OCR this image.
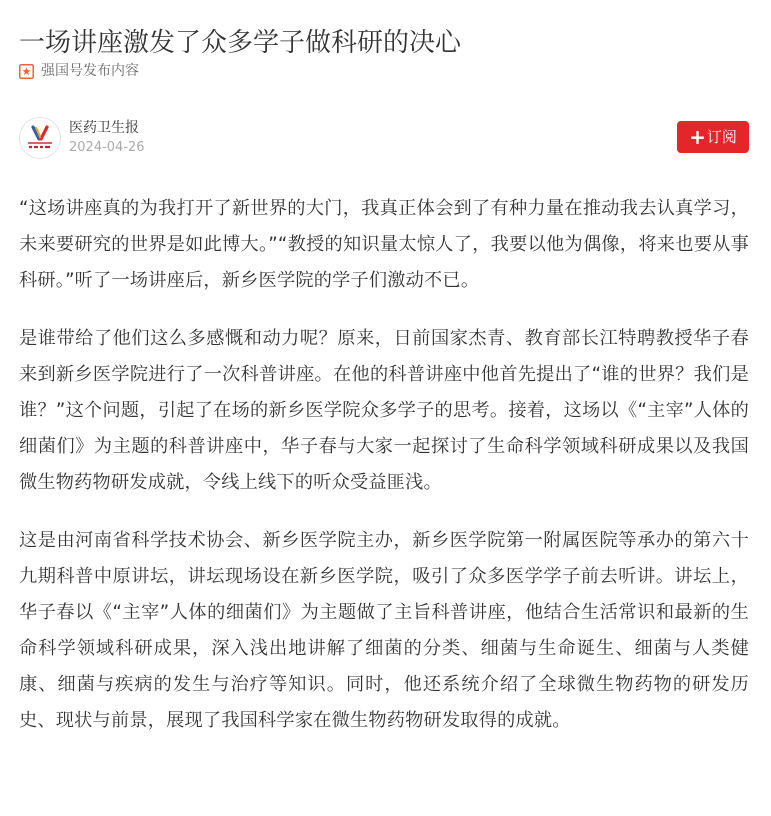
一场讲座激发了众多学子做科研的决心
强国号发布内容
医药卫生报
2024-04-26	+ 订阅

“这场讲座真的为我打开了新世界的大门，我真正体会到了有种力量在推动我去认真学习，未来要研究的世界是如此博大。”“教授的知识量太惊人了，我要以他为偶像，将来也要从事科研。”听了一场讲座后，新乡医学院的学子们激动不已。

是谁带给了他们这么多感慨和动力呢？原来，日前国家杰青、教育部长江特聘教授华子春来到新乡医学院进行了一次科普讲座。在他的科普讲座中他首先提出了“谁的世界？我们是谁？”这个问题，引起了在场的新乡医学院众多学子的思考。接着，这场以《“主宰”人体的细菌们》为主题的科普讲座中，华子春与大家一起探讨了生命科学领域科研成果以及我国微生物药物研发成就，令线上线下的听众受益匪浅。

这是由河南省科学技术协会、新乡医学院主办，新乡医学院第一附属医院等承办的第六十九期科普中原讲坛，讲坛现场设在新乡医学院，吸引了众多医学学子前去听讲。讲坛上，华子春以《“主宰”人体的细菌们》为主题做了主旨科普讲座，他结合生活常识和最新的生命科学领域科研成果，深入浅出地讲解了细菌的分类、细菌与生命诞生、细菌与人类健康、细菌与疾病的发生与治疗等知识。同时，他还系统介绍了全球微生物药物的研发历史、现状与前景，展现了我国科学家在微生物药物研发取得的成就。
